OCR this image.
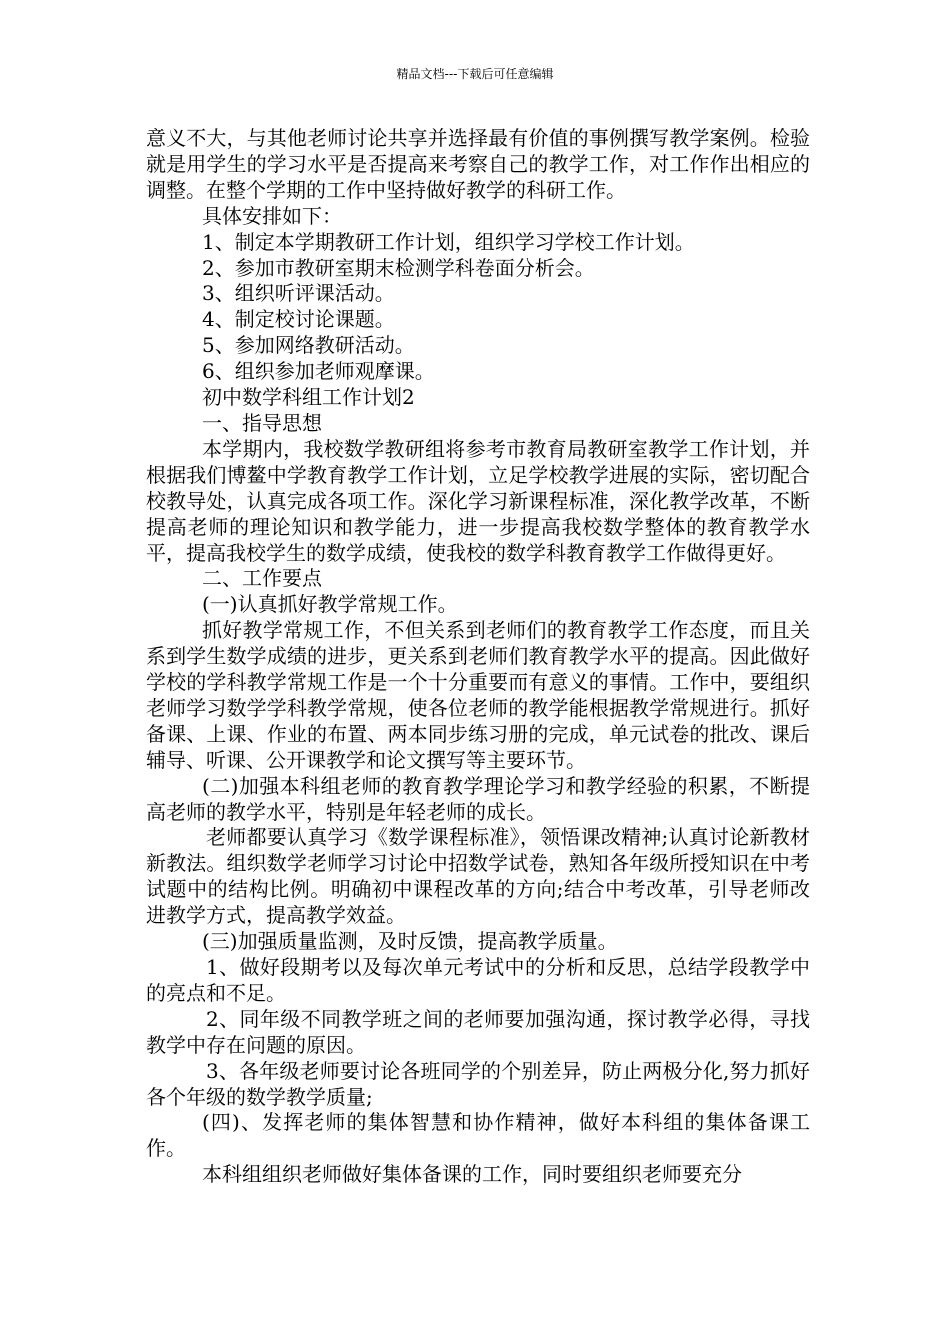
精品文档---下载后可任意编辑

意义不大，与其他老师讨论共享并选择最有价值的事例撰写教学案例。检验就是用学生的学习水平是否提高来考察自己的教学工作，对工作作出相应的调整。在整个学期的工作中坚持做好教学的科研工作。

具体安排如下：

1、制定本学期教研工作计划，组织学习学校工作计划。

2、参加市教研室期末检测学科卷面分析会。

3、组织听评课活动。

4、制定校讨论课题。

5、参加网络教研活动。

6、组织参加老师观摩课。

初中数学科组工作计划2

一、指导思想

本学期内，我校数学教研组将参考市教育局教研室教学工作计划，并根据我们博鳌中学教育教学工作计划，立足学校教学进展的实际，密切配合校教导处，认真完成各项工作。深化学习新课程标准，深化教学改革，不断提高老师的理论知识和教学能力，进一步提高我校数学整体的教育教学水平，提高我校学生的数学成绩，使我校的数学科教育教学工作做得更好。

二、工作要点

(一)认真抓好教学常规工作。

抓好教学常规工作，不但关系到老师们的教育教学工作态度，而且关系到学生数学成绩的进步，更关系到老师们教育教学水平的提高。因此做好学校的学科教学常规工作是一个十分重要而有意义的事情。工作中，要组织老师学习数学学科教学常规，使各位老师的教学能根据教学常规进行。抓好备课、上课、作业的布置、两本同步练习册的完成，单元试卷的批改、课后辅导、听课、公开课教学和论文撰写等主要环节。

(二)加强本科组老师的教育教学理论学习和教学经验的积累，不断提高老师的教学水平，特别是年轻老师的成长。

老师都要认真学习《数学课程标准》，领悟课改精神;认真讨论新教材新教法。组织数学老师学习讨论中招数学试卷，熟知各年级所授知识在中考试题中的结构比例。明确初中课程改革的方向;结合中考改革，引导老师改进教学方式，提高教学效益。

(三)加强质量监测，及时反馈，提高教学质量。

1、做好段期考以及每次单元考试中的分析和反思，总结学段教学中的亮点和不足。

2、同年级不同教学班之间的老师要加强沟通，探讨教学必得，寻找教学中存在问题的原因。

3、各年级老师要讨论各班同学的个别差异，防止两极分化,努力抓好各个年级的数学教学质量;

(四)、发挥老师的集体智慧和协作精神，做好本科组的集体备课工作。

本科组组织老师做好集体备课的工作，同时要组织老师要充分
